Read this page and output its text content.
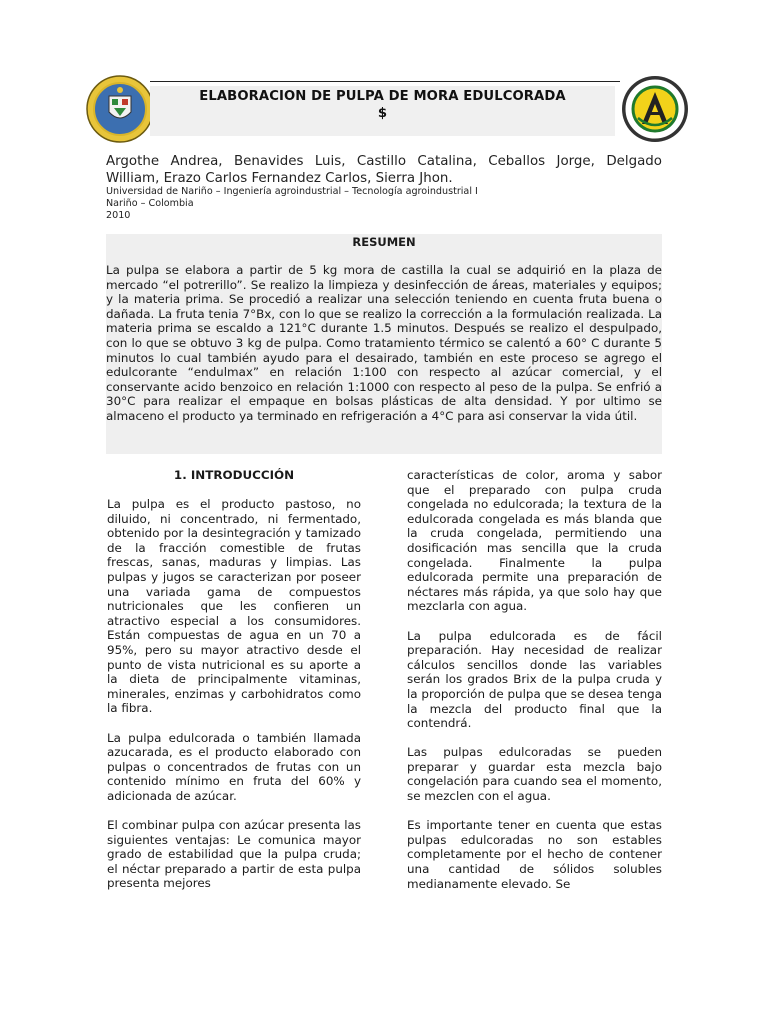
ELABORACION DE PULPA DE MORA EDULCORADA
$
Argothe Andrea, Benavides Luis, Castillo Catalina, Ceballos Jorge, Delgado William, Erazo Carlos Fernandez Carlos, Sierra Jhon.
Universidad de Nariño – Ingeniería agroindustrial – Tecnología agroindustrial I
Nariño – Colombia
2010
RESUMEN
La pulpa se elabora a partir de 5 kg mora de castilla la cual se adquirió en la plaza de mercado “el potrerillo”. Se realizo la limpieza y desinfección de áreas, materiales y equipos; y la materia prima. Se procedió a realizar una selección teniendo en cuenta fruta buena o dañada. La fruta tenia 7°Bx, con lo que se realizo la corrección a la formulación realizada. La materia prima se escaldo a 121°C durante 1.5 minutos. Después se realizo el despulpado, con lo que se obtuvo 3 kg de pulpa. Como tratamiento térmico se calentó a 60° C durante 5 minutos lo cual también ayudo para el desairado, también en este proceso se agrego el edulcorante “endulmax” en relación 1:100 con respecto al azúcar comercial, y el conservante acido benzoico en relación 1:1000 con respecto al peso de la pulpa. Se enfrió a 30°C para realizar el empaque en bolsas plásticas de alta densidad. Y por ultimo se almaceno el producto ya terminado en refrigeración a 4°C para asi conservar la vida útil.
1. INTRODUCCIÓN

La pulpa es el producto pastoso, no diluido, ni concentrado, ni fermentado, obtenido por la desintegración y tamizado de la fracción comestible de frutas frescas, sanas, maduras y limpias. Las pulpas y jugos se caracterizan por poseer una variada gama de compuestos nutricionales que les confieren un atractivo especial a los consumidores. Están compuestas de agua en un 70 a 95%, pero su mayor atractivo desde el punto de vista nutricional es su aporte a la dieta de principalmente vitaminas, minerales, enzimas y carbohidratos como la fibra.

La pulpa edulcorada o también llamada azucarada, es el producto elaborado con pulpas o concentrados de frutas con un contenido mínimo en fruta del 60% y adicionada de azúcar.

El combinar pulpa con azúcar presenta las siguientes ventajas: Le comunica mayor grado de estabilidad que la pulpa cruda; el néctar preparado a partir de esta pulpa presenta mejores

características de color, aroma y sabor que el preparado con pulpa cruda congelada no edulcorada; la textura de la edulcorada congelada es más blanda que la cruda congelada, permitiendo una dosificación mas sencilla que la cruda congelada. Finalmente la pulpa edulcorada permite una preparación de néctares más rápida, ya que solo hay que mezclarla con agua.

La pulpa edulcorada es de fácil preparación. Hay necesidad de realizar cálculos sencillos donde las variables serán los grados Brix de la pulpa cruda y la proporción de pulpa que se desea tenga la mezcla del producto final que la contendrá.

Las pulpas edulcoradas se pueden preparar y guardar esta mezcla bajo congelación para cuando sea el momento, se mezclen con el agua.

Es importante tener en cuenta que estas pulpas edulcoradas no son estables completamente por el hecho de contener una cantidad de sólidos solubles medianamente elevado. Se
